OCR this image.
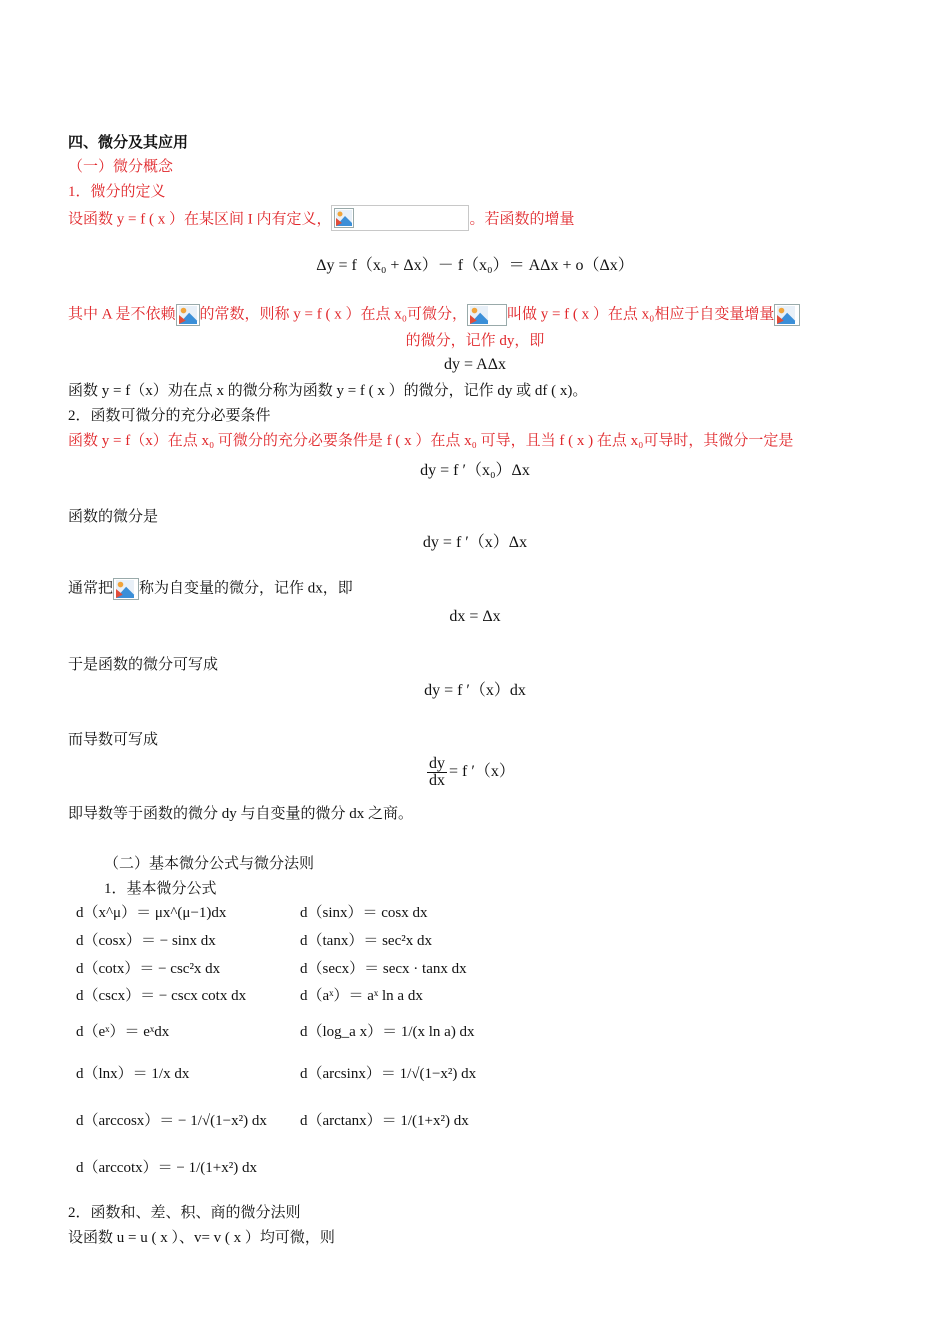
四、微分及其应用
（一）微分概念
1．微分的定义
设函数 y = f ( x ）在某区间 I 内有定义，	。若函数的增量
Δy = f（x₀ + Δx）－ f（x₀）＝ AΔx + o（Δx）
其中 A 是不依赖 的常数，则称 y = f ( x ）在点 x₀可微分，	叫做 y = f ( x ）在点 x₀相应于自变量增量
的微分，记作 dy，即
dy = AΔx
函数 y = f（x）劝在点 x 的微分称为函数 y = f ( x ）的微分，记作 dy 或 df ( x)。
2．函数可微分的充分必要条件
函数 y = f（x）在点 x₀ 可微分的充分必要条件是 f ( x ）在点 x₀ 可导，且当 f ( x ) 在点 x₀可导时，其微分一定是
dy = f ′（x₀）Δx
函数的微分是
dy = f ′（x）Δx
通常把 称为自变量的微分，记作 dx，即
dx = Δx
于是函数的微分可写成
dy = f ′（x）dx
而导数可写成
$\frac{dy}{dx} = f$ ′（x）
即导数等于函数的微分 dy 与自变量的微分 dx 之商。
（二）基本微分公式与微分法则
1．基本微分公式
d（x^μ）＝ μx^(μ−1)dx	d（sinx）＝ cosx dx
d（cosx）＝ − sinx dx	d（tanx）＝ sec²x dx
d（cotx）＝ − csc²x dx	d（secx）＝ secx · tanx dx
d（cscx）＝ − cscx cotx dx	d（aˣ）＝ aˣ ln a dx
d（eˣ）＝ eˣdx	d（log_a x）＝ 1/(x ln a) dx
d（lnx）＝ 1/x dx	d（arcsinx）＝ 1/√(1−x²) dx
d（arccosx）＝ − 1/√(1−x²) dx d（arctanx）＝ 1/(1+x²) dx
d（arccotx）＝ − 1/(1+x²) dx
2．函数和、差、积、商的微分法则
设函数 u = u ( x ）、v= v ( x ）均可微，则
